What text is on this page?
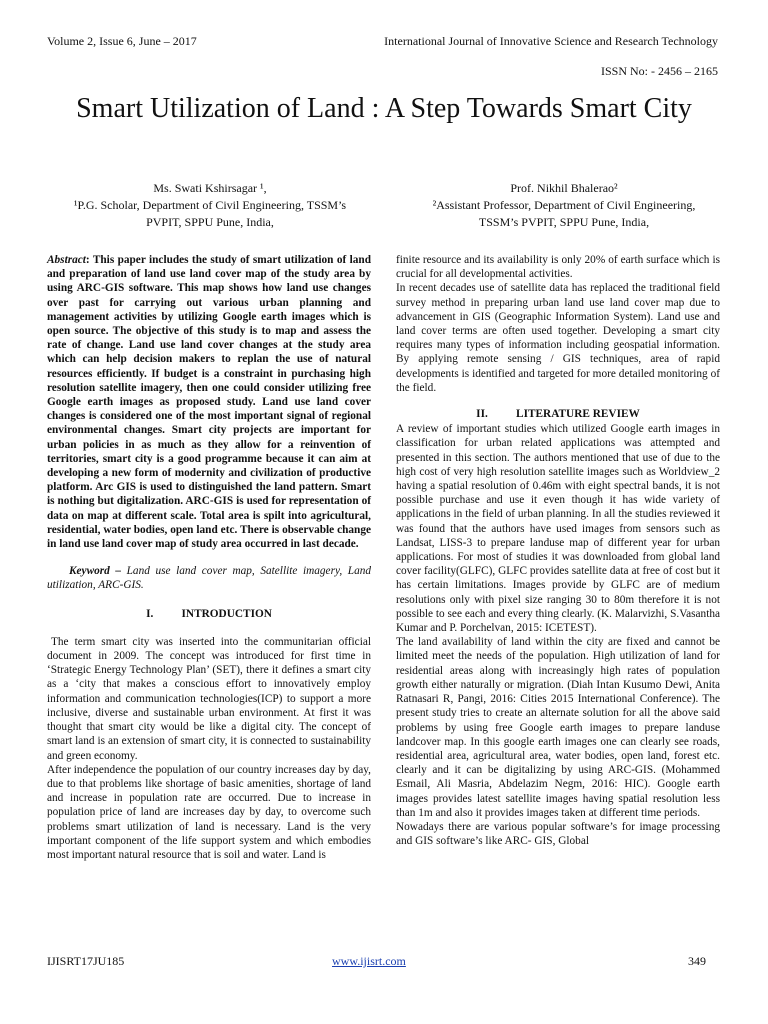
Volume 2, Issue 6, June – 2017	International Journal of Innovative Science and Research Technology
ISSN No: - 2456 – 2165
Smart Utilization of Land : A Step Towards Smart City
Ms. Swati Kshirsagar ¹,
¹P.G. Scholar, Department of Civil Engineering, TSSM’s
PVPIT, SPPU Pune, India,
Prof. Nikhil Bhalerao²
²Assistant Professor, Department of Civil Engineering,
TSSM’s PVPIT, SPPU Pune, India,

Abstract: This paper includes the study of smart utilization of land and preparation of land use land cover map of the study area by using ARC-GIS software. This map shows how land use changes over past for carrying out various urban planning and management activities by utilizing Google earth images which is open source. The objective of this study is to map and assess the rate of change. Land use land cover changes at the study area which can help decision makers to replan the use of natural resources efficiently. If budget is a constraint in purchasing high resolution satellite imagery, then one could consider utilizing free Google earth images as proposed study. Land use land cover changes is considered one of the most important signal of regional environmental changes. Smart city projects are important for urban policies in as much as they allow for a reinvention of territories, smart city is a good programme because it can aim at developing a new form of modernity and civilization of productive platform. Arc GIS is used to distinguished the land pattern. Smart is nothing but digitalization. ARC-GIS is used for representation of data on map at different scale. Total area is spilt into agricultural, residential, water bodies, open land etc. There is observable change in land use land cover map of study area occurred in last decade.

Keyword – Land use land cover map, Satellite imagery, Land utilization, ARC-GIS.

I.          INTRODUCTION

The term smart city was inserted into the communitarian official document in 2009. The concept was introduced for first time in ‘Strategic Energy Technology Plan’ (SET), there it defines a smart city as a ‘city that makes a conscious effort to innovatively employ information and communication technologies(ICP) to support a more inclusive, diverse and sustainable urban environment. At first it was thought that smart city would be like a digital city. The concept of smart land is an extension of smart city, it is connected to sustainability and green economy.

After independence the population of our country increases day by day, due to that problems like shortage of basic amenities, shortage of land and increase in population rate are occurred. Due to increase in population price of land are increases day by day, to overcome such problems smart utilization of land is necessary. Land is the very important component of the life support system and which embodies most important natural resource that is soil and water. Land is

finite resource and its availability is only 20% of earth surface which is crucial for all developmental activities.

In recent decades use of satellite data has replaced the traditional field survey method in preparing urban land use land cover map due to advancement in GIS (Geographic Information System). Land use and land cover terms are often used together. Developing a smart city requires many types of information including geospatial information. By applying remote sensing / GIS techniques, area of rapid developments is identified and targeted for more detailed monitoring of the field.

II.          LITERATURE REVIEW

A review of important studies which utilized Google earth images in classification for urban related applications was attempted and presented in this section. The authors mentioned that use of due to the high cost of very high resolution satellite images such as Worldview_2 having a spatial resolution of 0.46m with eight spectral bands, it is not possible purchase and use it even though it has wide variety of applications in the field of urban planning. In all the studies reviewed it was found that the authors have used images from sensors such as Landsat, LISS-3 to prepare landuse map of different year for urban applications. For most of studies it was downloaded from global land cover facility(GLFC), GLFC provides satellite data at free of cost but it has certain limitations. Images provide by GLFC are of medium resolutions only with pixel size ranging 30 to 80m therefore it is not possible to see each and every thing clearly. (K. Malarvizhi, S.Vasantha Kumar and P. Porchelvan, 2015: ICETEST).

The land availability of land within the city are fixed and cannot be limited meet the needs of the population. High utilization of land for residential areas along with increasingly high rates of population growth either naturally or migration. (Diah Intan Kusumo Dewi, Anita Ratnasari R, Pangi, 2016: Cities 2015 International Conference). The present study tries to create an alternate solution for all the above said problems by using free Google earth images to prepare landuse landcover map. In this google earth images one can clearly see roads, residential area, agricultural area, water bodies, open land, forest etc. clearly and it can be digitalizing by using ARC-GIS. (Mohammed Esmail, Ali Masria, Abdelazim Negm, 2016: HIC). Google earth images provides latest satellite images having spatial resolution less than 1m and also it provides images taken at different time periods.

Nowadays there are various popular software’s for image processing and GIS software’s like ARC- GIS, Global

IJISRT17JU185	www.ijisrt.com	349
